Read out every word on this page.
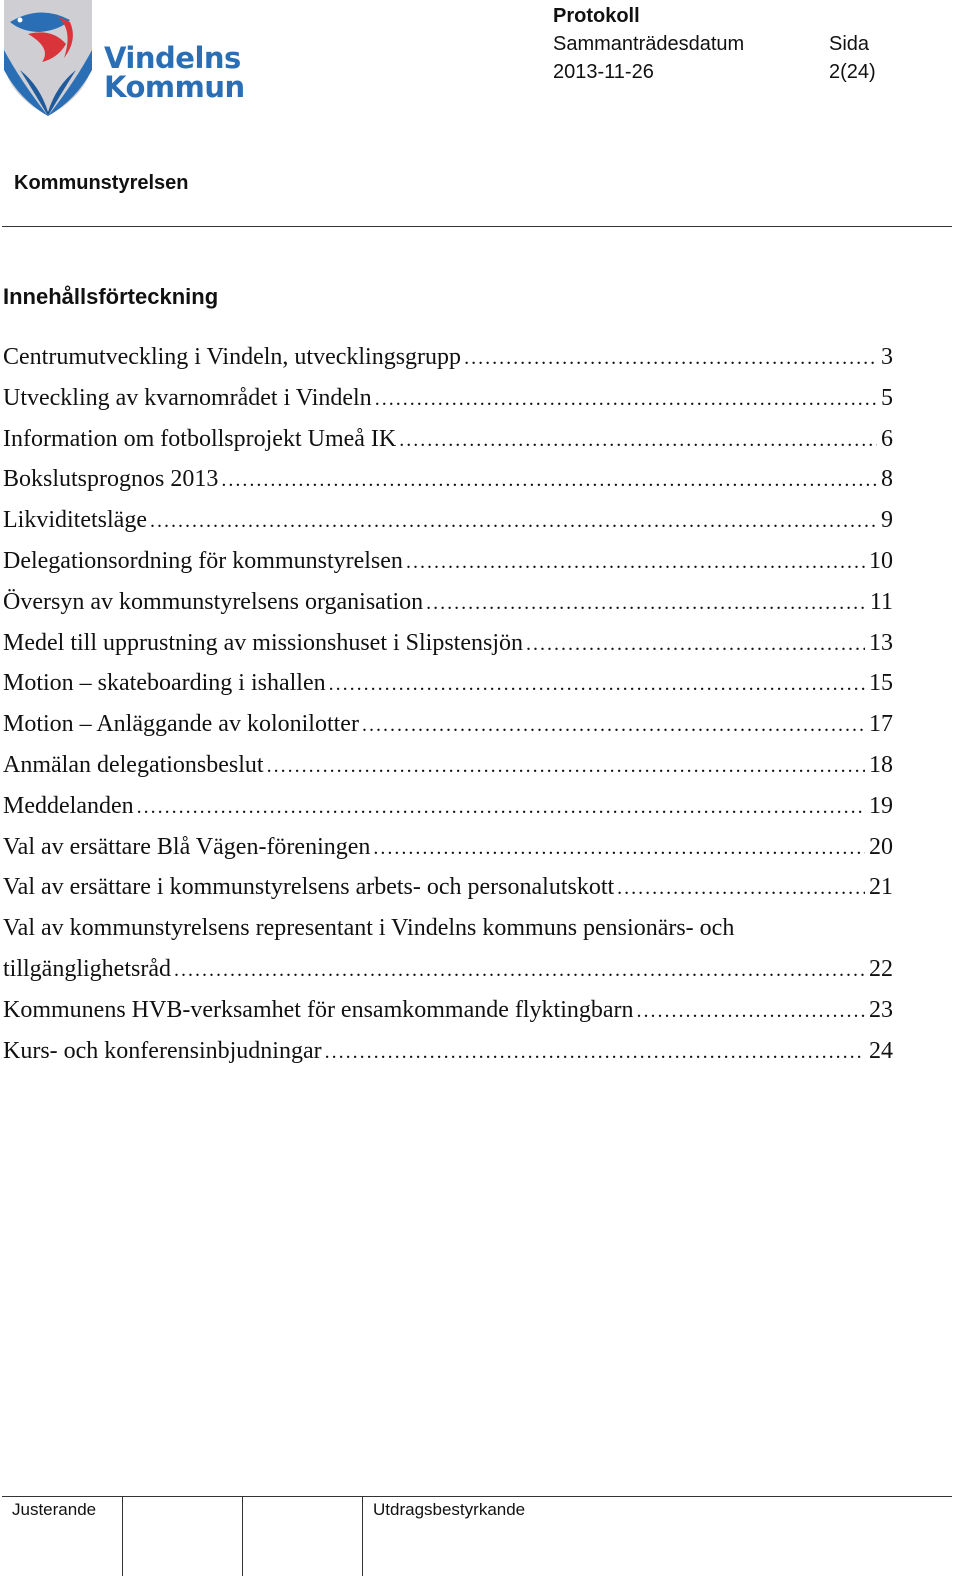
Vindelns
Kommun
Protokoll
Sammanträdesdatum
2013-11-26
Sida
2(24)
Kommunstyrelsen
Innehållsförteckning
Centrumutveckling i Vindeln, utvecklingsgrupp . . .	3
Utveckling av kvarnområdet i Vindeln . . .	5
Information om fotbollsprojekt Umeå IK . . .	6
Bokslutsprognos 2013 . . .	8
Likviditetsläge . . .	9
Delegationsordning för kommunstyrelsen . . .	10
Översyn av kommunstyrelsens organisation . . .	11
Medel till upprustning av missionshuset i Slipstensjön . . .	13
Motion – skateboarding i ishallen . . .	15
Motion – Anläggande av kolonilotter . . .	17
Anmälan delegationsbeslut . . .	18
Meddelanden . . .	19
Val av ersättare Blå Vägen-föreningen . . .	20
Val av ersättare i kommunstyrelsens arbets- och personalutskott . . .	21
Val av kommunstyrelsens representant i Vindelns kommuns pensionärs- och
tillgänglighetsråd . . .	22
Kommunens HVB-verksamhet för ensamkommande flyktingbarn . . .	23
Kurs- och konferensinbjudningar . . .	24
Justerande	Utdragsbestyrkande
